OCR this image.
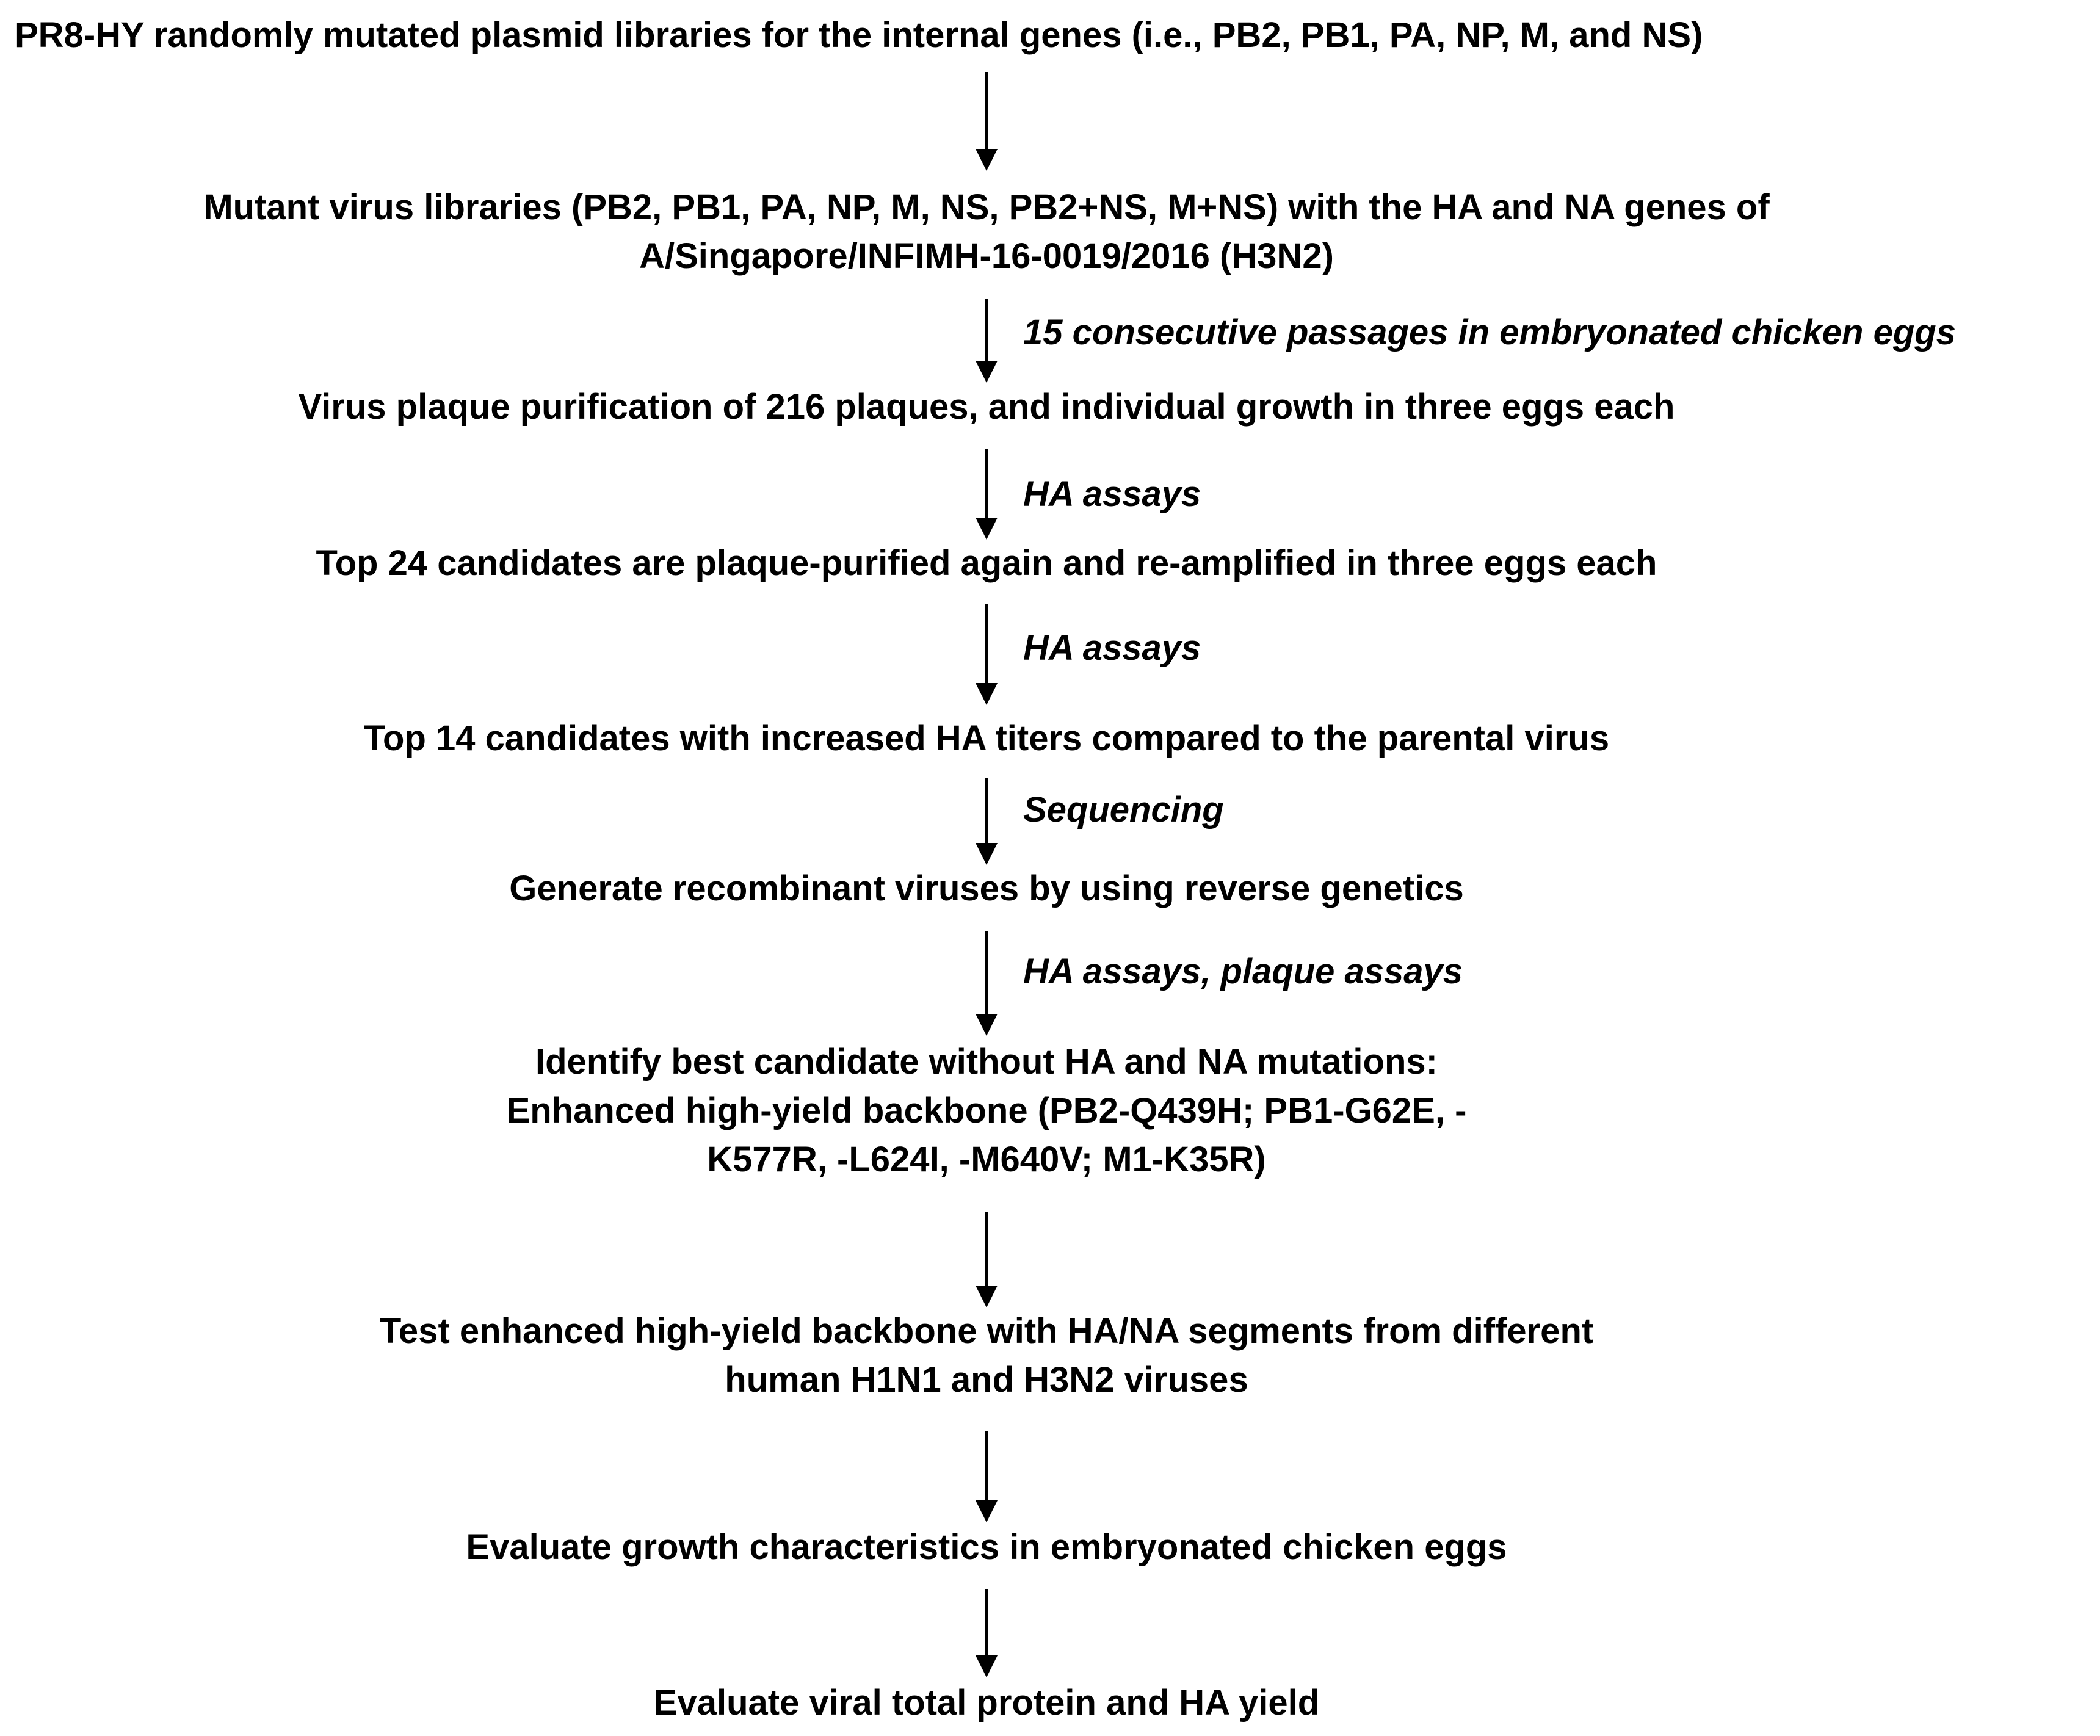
PR8-HY randomly mutated plasmid libraries for the internal genes (i.e., PB2, PB1, PA, NP, M, and NS)
Mutant virus libraries (PB2, PB1, PA, NP, M, NS, PB2+NS, M+NS) with the HA and NA genes of
A/Singapore/INFIMH-16-0019/2016 (H3N2)
Virus plaque purification of 216 plaques, and individual growth in three eggs each
Top 24 candidates are plaque-purified again and re-amplified in three eggs each
Top 14 candidates with increased HA titers compared to the parental virus
Generate recombinant viruses by using reverse genetics
Identify best candidate without HA and NA mutations:
Enhanced high-yield backbone (PB2-Q439H; PB1-G62E, -
K577R, -L624I, -M640V; M1-K35R)
Test enhanced high-yield backbone with HA/NA segments from different
human H1N1 and H3N2 viruses
Evaluate growth characteristics in embryonated chicken eggs
Evaluate viral total protein and HA yield
15 consecutive passages in embryonated chicken eggs
HA assays
HA assays
Sequencing
HA assays, plaque assays
